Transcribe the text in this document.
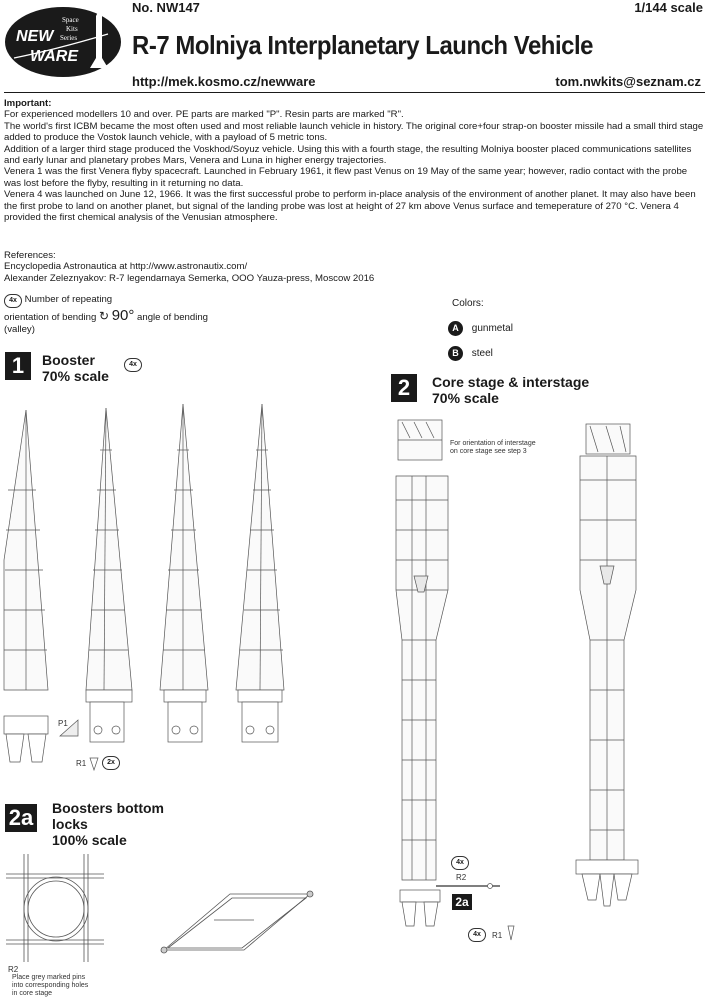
NEW
WARE
Space
Kits
Series
No. NW147	1/144 scale
R-7 Molniya Interplanetary Launch Vehicle
http://mek.kosmo.cz/newware	tom.nwkits@seznam.cz

Important:

For experienced modellers 10 and over. PE parts are marked "P". Resin parts are marked "R".

The world's first ICBM became the most often used and most reliable launch vehicle in history. The original core+four strap-on booster missile had a small third stage added to produce the Vostok launch vehicle, with a payload of 5 metric tons.

Addition of a larger third stage produced the Voskhod/Soyuz vehicle. Using this with a fourth stage, the resulting Molniya booster placed communications satellites and early lunar and planetary probes Mars, Venera and Luna in higher energy trajectories.

Venera 1 was the first Venera flyby spacecraft. Launched in February 1961, it flew past Venus on 19 May of the same year; however, radio contact with the probe was lost before the flyby, resulting in it returning no data.

Venera 4 was launched on June 12, 1966. It was the first successful probe to perform in-place analysis of the environment of another planet. It may also have been the first probe to land on another planet, but signal of the landing probe was lost at height of 27 km above Venus surface and temeperature of 270 °C. Venera 4 provided the first chemical analysis of the Venusian atmosphere.

References:

Encyclopedia Astronautica at http://www.astronautix.com/

Alexander Zeleznyakov: R-7 legendarnaya Semerka, OOO Yauza-press, Moscow 2016

4x Number of repeating
orientation of bending ↻ 90° angle of bending
(valley)
Colors:
A gunmetal
B steel
1	Booster
70% scale
4x
P1
R1	2x
2	Core stage & interstage
70% scale
For orientation of interstage
on core stage see step 3
4x
R2
2a
4x	R1
2a Boosters bottom
locks
100% scale
R2
Place grey marked pins
into corresponding holes
in core stage
